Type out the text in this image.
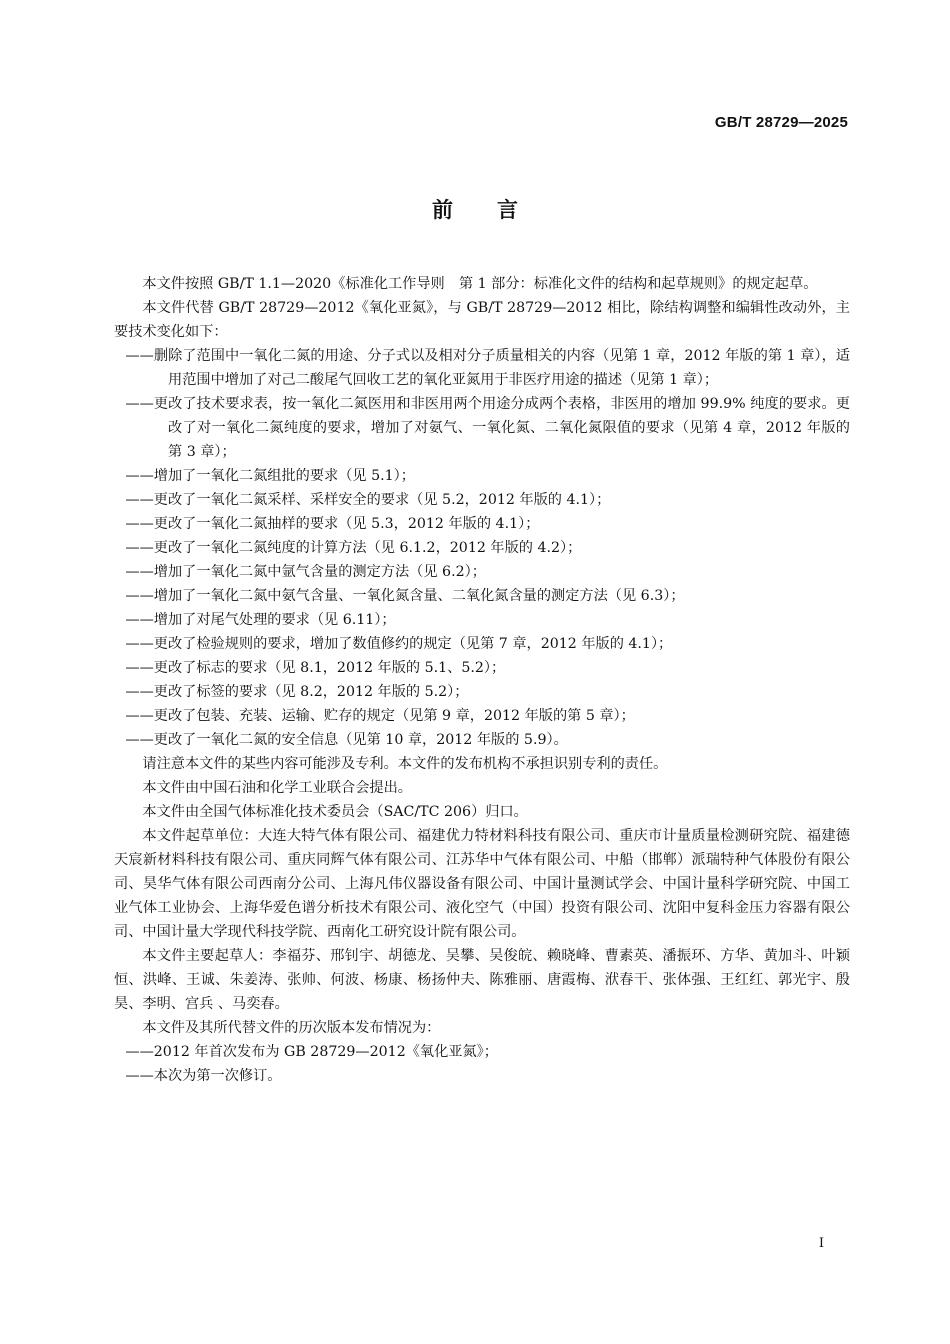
GB/T 28729—2025
前言

本文件按照 GB/T 1.1—2020《标准化工作导则　第 1 部分：标准化文件的结构和起草规则》的规定起草。

本文件代替 GB/T 28729—2012《氧化亚氮》，与 GB/T 28729—2012 相比，除结构调整和编辑性改动外，主要技术变化如下：

——删除了范围中一氧化二氮的用途、分子式以及相对分子质量相关的内容（见第 1 章，2012 年版的第 1 章），适用范围中增加了对己二酸尾气回收工艺的氧化亚氮用于非医疗用途的描述（见第 1 章）；

——更改了技术要求表，按一氧化二氮医用和非医用两个用途分成两个表格，非医用的增加 99.9% 纯度的要求。更改了对一氧化二氮纯度的要求，增加了对氨气、一氧化氮、二氧化氮限值的要求（见第 4 章，2012 年版的第 3 章）；

——增加了一氧化二氮组批的要求（见 5.1）；

——更改了一氧化二氮采样、采样安全的要求（见 5.2，2012 年版的 4.1）；

——更改了一氧化二氮抽样的要求（见 5.3，2012 年版的 4.1）；

——更改了一氧化二氮纯度的计算方法（见 6.1.2，2012 年版的 4.2）；

——增加了一氧化二氮中氩气含量的测定方法（见 6.2）；

——增加了一氧化二氮中氨气含量、一氧化氮含量、二氧化氮含量的测定方法（见 6.3）；

——增加了对尾气处理的要求（见 6.11）；

——更改了检验规则的要求，增加了数值修约的规定（见第 7 章，2012 年版的 4.1）；

——更改了标志的要求（见 8.1，2012 年版的 5.1、5.2）；

——更改了标签的要求（见 8.2，2012 年版的 5.2）；

——更改了包装、充装、运输、贮存的规定（见第 9 章，2012 年版的第 5 章）；

——更改了一氧化二氮的安全信息（见第 10 章，2012 年版的 5.9）。

请注意本文件的某些内容可能涉及专利。本文件的发布机构不承担识别专利的责任。

本文件由中国石油和化学工业联合会提出。

本文件由全国气体标准化技术委员会（SAC/TC 206）归口。

本文件起草单位：大连大特气体有限公司、福建优力特材料科技有限公司、重庆市计量质量检测研究院、福建德天宸新材料科技有限公司、重庆同辉气体有限公司、江苏华中气体有限公司、中船（邯郸）派瑞特种气体股份有限公司、昊华气体有限公司西南分公司、上海凡伟仪器设备有限公司、中国计量测试学会、中国计量科学研究院、中国工业气体工业协会、上海华爱色谱分析技术有限公司、液化空气（中国）投资有限公司、沈阳中复科金压力容器有限公司、中国计量大学现代科技学院、西南化工研究设计院有限公司。

本文件主要起草人：李福芬、邢钊宇、胡德龙、吴攀、吴俊皖、赖晓峰、曹素英、潘振环、方华、黄加斗、叶颖恒、洪峰、王诚、朱姜涛、张帅、何波、杨康、杨扬仲夫、陈雅丽、唐霞梅、洑春干、张体强、王红红、郭光宇、殷昊、李明、宫兵 、马奕春。

本文件及其所代替文件的历次版本发布情况为：

——2012 年首次发布为 GB 28729—2012《氧化亚氮》；

——本次为第一次修订。

I
